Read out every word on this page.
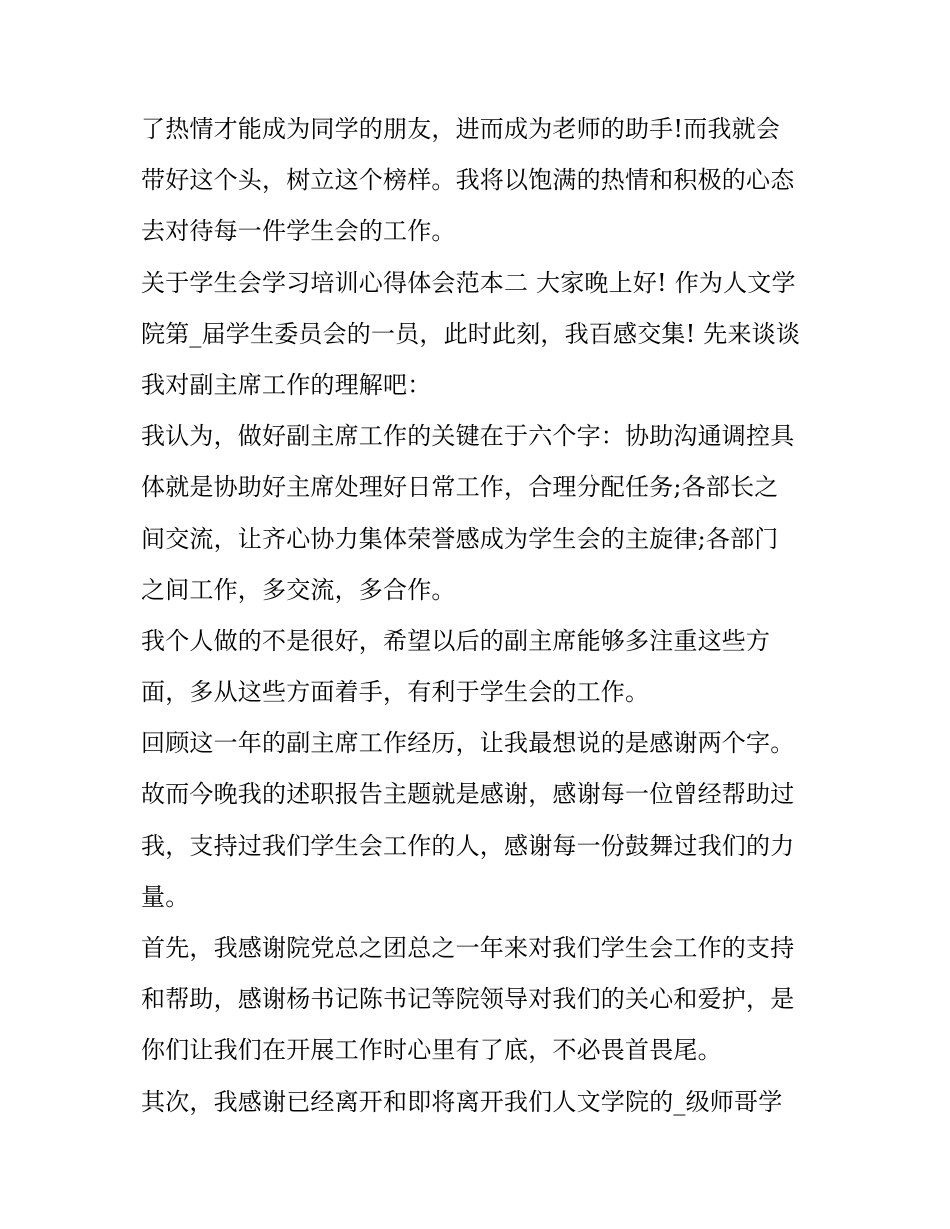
了热情才能成为同学的朋友，进而成为老师的助手!而我就会
带好这个头，树立这个榜样。我将以饱满的热情和积极的心态
去对待每一件学生会的工作。
关于学生会学习培训心得体会范本二 大家晚上好! 作为人文学
院第_届学生委员会的一员，此时此刻，我百感交集! 先来谈谈
我对副主席工作的理解吧：
我认为，做好副主席工作的关键在于六个字：协助沟通调控具
体就是协助好主席处理好日常工作，合理分配任务;各部长之
间交流，让齐心协力集体荣誉感成为学生会的主旋律;各部门
之间工作，多交流，多合作。
我个人做的不是很好，希望以后的副主席能够多注重这些方
面，多从这些方面着手，有利于学生会的工作。
回顾这一年的副主席工作经历，让我最想说的是感谢两个字。
故而今晚我的述职报告主题就是感谢，感谢每一位曾经帮助过
我，支持过我们学生会工作的人，感谢每一份鼓舞过我们的力
量。
首先，我感谢院党总之团总之一年来对我们学生会工作的支持
和帮助，感谢杨书记陈书记等院领导对我们的关心和爱护，是
你们让我们在开展工作时心里有了底，不必畏首畏尾。
其次，我感谢已经离开和即将离开我们人文学院的_级师哥学
